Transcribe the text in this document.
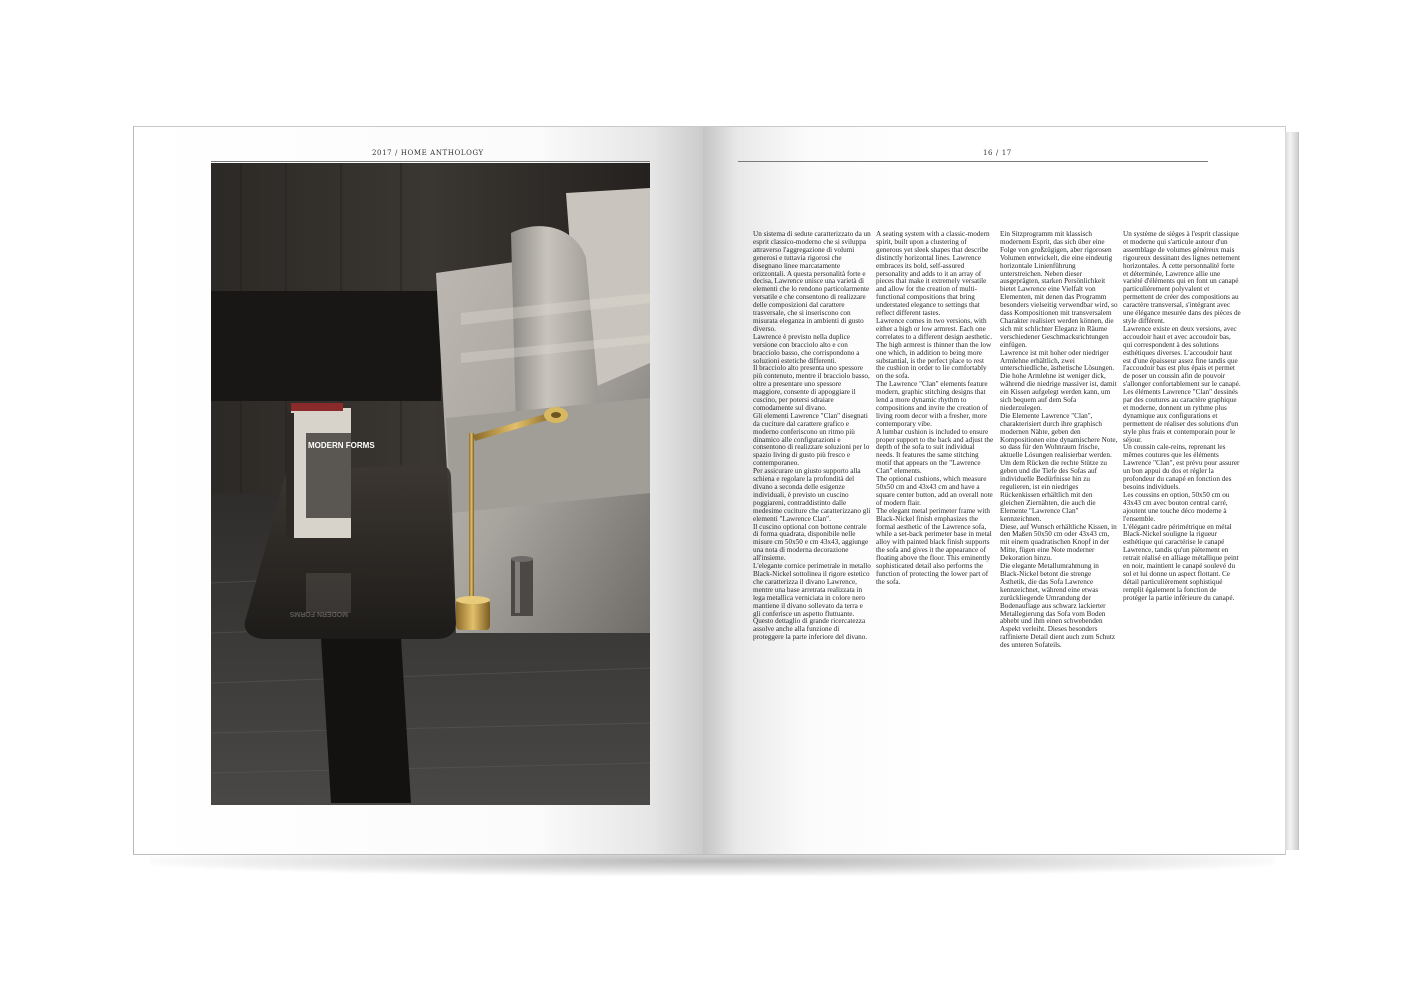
2017 / HOME ANTHOLOGY
MODERN FORMS
MODERN FORMS
16 / 17

Un sistema di sedute caratterizzato da un esprit classico-moderno che si sviluppa attraverso l'aggregazione di volumi generosi e tuttavia rigorosi che disegnano linee marcatamente orizzontali. A questa personalità forte e decisa, Lawrence unisce una varietà di elementi che lo rendono particolarmente versatile e che consentono di realizzare delle composizioni dal carattere trasversale, che si inseriscono con misurata eleganza in ambienti di gusto diverso.

Lawrence è previsto nella duplice versione con bracciolo alto e con bracciolo basso, che corrispondono a soluzioni estetiche differenti.

Il bracciolo alto presenta uno spessore più contenuto, mentre il bracciolo basso, oltre a presentare uno spessore maggiore, consente di appoggiare il cuscino, per potersi sdraiare comodamente sul divano.

Gli elementi Lawrence "Clan" disegnati da cuciture dal carattere grafico e moderno conferiscono un ritmo più dinamico alle configurazioni e consentono di realizzare soluzioni per lo spazio living di gusto più fresco e contemporaneo.

Per assicurare un giusto supporto alla schiena e regolare la profondità del divano a seconda delle esigenze individuali, è previsto un cuscino poggiareni, contraddistinto dalle medesime cuciture che caratterizzano gli elementi "Lawrence Clan".

Il cuscino optional con bottone centrale di forma quadrata, disponibile nelle misure cm 50x50 e cm 43x43, aggiunge una nota di moderna decorazione all'insieme.

L'elegante cornice perimetrale in metallo Black-Nickel sottolinea il rigore estetico che caratterizza il divano Lawrence, mentre una base arretrata realizzata in lega metallica verniciata in colore nero mantiene il divano sollevato da terra e gli conferisce un aspetto fluttuante. Questo dettaglio di grande ricercatezza assolve anche alla funzione di proteggere la parte inferiore del divano.

A seating system with a classic-modern spirit, built upon a clustering of generous yet sleek shapes that describe distinctly horizontal lines. Lawrence embraces its bold, self-assured personality and adds to it an array of pieces that make it extremely versatile and allow for the creation of multi-functional compositions that bring understated elegance to settings that reflect different tastes.

Lawrence comes in two versions, with either a high or low armrest. Each one correlates to a different design aesthetic. The high armrest is thinner than the low one which, in addition to being more substantial, is the perfect place to rest the cushion in order to lie comfortably on the sofa.

The Lawrence "Clan" elements feature modern, graphic stitching designs that lend a more dynamic rhythm to compositions and invite the creation of living room decor with a fresher, more contemporary vibe.

A lumbar cushion is included to ensure proper support to the back and adjust the depth of the sofa to suit individual needs. It features the same stitching motif that appears on the "Lawrence Clan" elements.

The optional cushions, which measure 50x50 cm and 43x43 cm and have a square center button, add an overall note of modern flair.

The elegant metal perimeter frame with Black-Nickel finish emphasizes the formal aesthetic of the Lawrence sofa, while a set-back perimeter base in metal alloy with painted black finish supports the sofa and gives it the appearance of floating above the floor. This eminently sophisticated detail also performs the function of protecting the lower part of the sofa.

Ein Sitzprogramm mit klassisch modernem Esprit, das sich über eine Folge von großzügigen, aber rigorosen Volumen entwickelt, die eine eindeutig horizontale Linienführung unterstreichen. Neben dieser ausgeprägten, starken Persönlichkeit bietet Lawrence eine Vielfalt von Elementen, mit denen das Programm besonders vielseitig verwendbar wird, so dass Kompositionen mit transversalem Charakter realisiert werden können, die sich mit schlichter Eleganz in Räume verschiedener Geschmacksrichtungen einfügen.

Lawrence ist mit hoher oder niedriger Armlehne erhältlich, zwei unterschiedliche, ästhetische Lösungen. Die hohe Armlehne ist weniger dick, während die niedrige massiver ist, damit ein Kissen aufgelegt werden kann, um sich bequem auf dem Sofa niederzulegen.

Die Elemente Lawrence "Clan", charakterisiert durch ihre graphisch modernen Nähte, geben den Kompositionen eine dynamischere Note, so dass für den Wohnraum frische, aktuelle Lösungen realisierbar werden.

Um dem Rücken die rechte Stütze zu geben und die Tiefe des Sofas auf individuelle Bedürfnisse hin zu regulieren, ist ein niedriges Rückenkissen erhältlich mit den gleichen Ziernähten, die auch die Elemente "Lawrence Clan" kennzeichnen.

Diese, auf Wunsch erhältliche Kissen, in den Maßen 50x50 cm oder 43x43 cm, mit einem quadratischen Knopf in der Mitte, fügen eine Note moderner Dekoration hinzu.

Die elegante Metallumrahmung in Black-Nickel betont die strenge Ästhetik, die das Sofa Lawrence kennzeichnet, während eine etwas zurückliegende Umrandung der Bodenauflage aus schwarz lackierter Metallegierung das Sofa vom Boden abhebt und ihm einen schwebenden Aspekt verleiht. Dieses besonders raffinierte Detail dient auch zum Schutz des unteren Sofateils.

Un système de sièges à l'esprit classique et moderne qui s'articule autour d'un assemblage de volumes généreux mais rigoureux dessinant des lignes nettement horizontales. À cette personnalité forte et déterminée, Lawrence allie une variété d'éléments qui en font un canapé particulièrement polyvalent et permettent de créer des compositions au caractère transversal, s'intégrant avec une élégance mesurée dans des pièces de style différent.

Lawrence existe en deux versions, avec accoudoir haut et avec accoudoir bas, qui correspondent à des solutions esthétiques diverses. L'accoudoir haut est d'une épaisseur assez fine tandis que l'accoudoir bas est plus épais et permet de poser un coussin afin de pouvoir s'allonger confortablement sur le canapé.

Les éléments Lawrence "Clan" dessinés par des coutures au caractère graphique et moderne, donnent un rythme plus dynamique aux configurations et permettent de réaliser des solutions d'un style plus frais et contemporain pour le séjour.

Un coussin cale-reins, reprenant les mêmes coutures que les éléments Lawrence "Clan", est prévu pour assurer un bon appui du dos et régler la profondeur du canapé en fonction des besoins individuels.

Les coussins en option, 50x50 cm ou 43x43 cm avec bouton central carré, ajoutent une touche déco moderne à l'ensemble.

L'élégant cadre périmétrique en métal Black-Nickel souligne la rigueur esthétique qui caractérise le canapé Lawrence, tandis qu'un piètement en retrait réalisé en alliage métallique peint en noir, maintient le canapé soulevé du sol et lui donne un aspect flottant. Ce détail particulièrement sophistiqué remplit également la fonction de protéger la partie inférieure du canapé.
